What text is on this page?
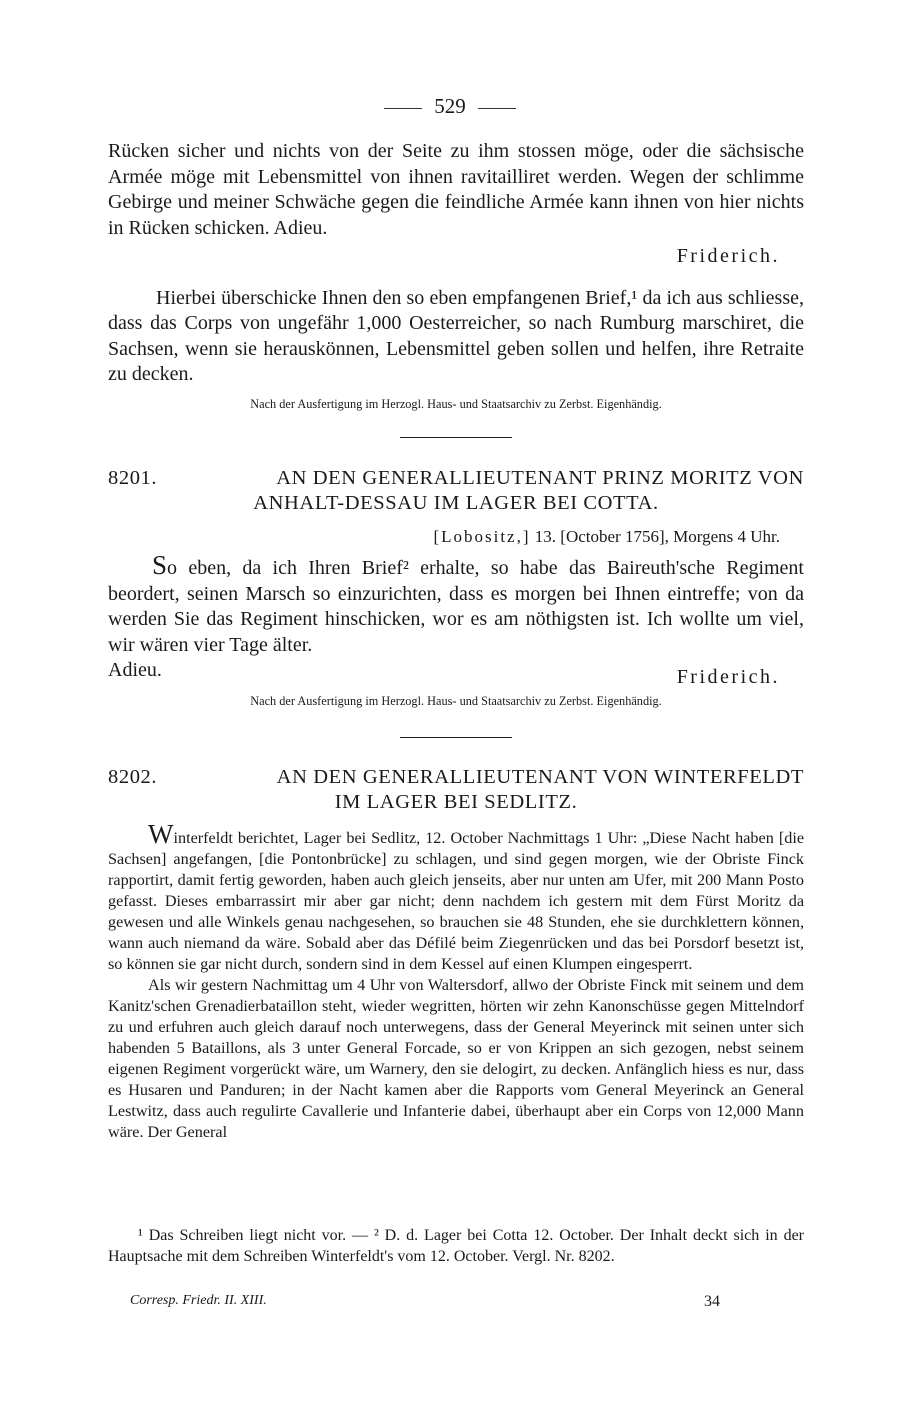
529

Rücken sicher und nichts von der Seite zu ihm stossen möge, oder die sächsische Armée möge mit Lebensmittel von ihnen ravitailliret werden. Wegen der schlimme Gebirge und meiner Schwäche gegen die feindliche Armée kann ihnen von hier nichts in Rücken schicken. Adieu.

Friderich.

Hierbei überschicke Ihnen den so eben empfangenen Brief,¹ da ich aus schliesse, dass das Corps von ungefähr 1,000 Oesterreicher, so nach Rumburg marschiret, die Sachsen, wenn sie herauskönnen, Lebensmittel geben sollen und helfen, ihre Retraite zu decken.

Nach der Ausfertigung im Herzogl. Haus- und Staatsarchiv zu Zerbst. Eigenhändig.
8201.	AN DEN GENERALLIEUTENANT PRINZ MORITZ VON
ANHALT-DESSAU IM LAGER BEI COTTA.
[Lobositz,] 13. [October 1756], Morgens 4 Uhr.

So eben, da ich Ihren Brief² erhalte, so habe das Baireuth'sche Regiment beordert, seinen Marsch so einzurichten, dass es morgen bei Ihnen eintreffe; von da werden Sie das Regiment hinschicken, wor es am nöthigsten ist. Ich wollte um viel, wir wären vier Tage älter.

Adieu.	Friderich.
Nach der Ausfertigung im Herzogl. Haus- und Staatsarchiv zu Zerbst. Eigenhändig.
8202.	AN DEN GENERALLIEUTENANT VON WINTERFELDT
IM LAGER BEI SEDLITZ.

Winterfeldt berichtet, Lager bei Sedlitz, 12. October Nachmittags 1 Uhr: „Diese Nacht haben [die Sachsen] angefangen, [die Pontonbrücke] zu schlagen, und sind gegen morgen, wie der Obriste Finck rapportirt, damit fertig geworden, haben auch gleich jenseits, aber nur unten am Ufer, mit 200 Mann Posto gefasst. Dieses embarrassirt mir aber gar nicht; denn nachdem ich gestern mit dem Fürst Moritz da gewesen und alle Winkels genau nachgesehen, so brauchen sie 48 Stunden, ehe sie durchklettern können, wann auch niemand da wäre. Sobald aber das Défilé beim Ziegenrücken und das bei Porsdorf besetzt ist, so können sie gar nicht durch, sondern sind in dem Kessel auf einen Klumpen eingesperrt.

Als wir gestern Nachmittag um 4 Uhr von Waltersdorf, allwo der Obriste Finck mit seinem und dem Kanitz'schen Grenadierbataillon steht, wieder wegritten, hörten wir zehn Kanonschüsse gegen Mittelndorf zu und erfuhren auch gleich darauf noch unterwegens, dass der General Meyerinck mit seinen unter sich habenden 5 Bataillons, als 3 unter General Forcade, so er von Krippen an sich gezogen, nebst seinem eigenen Regiment vorgerückt wäre, um Warnery, den sie delogirt, zu decken. Anfänglich hiess es nur, dass es Husaren und Panduren; in der Nacht kamen aber die Rapports vom General Meyerinck an General Lestwitz, dass auch regulirte Cavallerie und Infanterie dabei, überhaupt aber ein Corps von 12,000 Mann wäre. Der General

¹ Das Schreiben liegt nicht vor. — ² D. d. Lager bei Cotta 12. October. Der Inhalt deckt sich in der Hauptsache mit dem Schreiben Winterfeldt's vom 12. October. Vergl. Nr. 8202.

Corresp. Friedr. II. XIII.	34
